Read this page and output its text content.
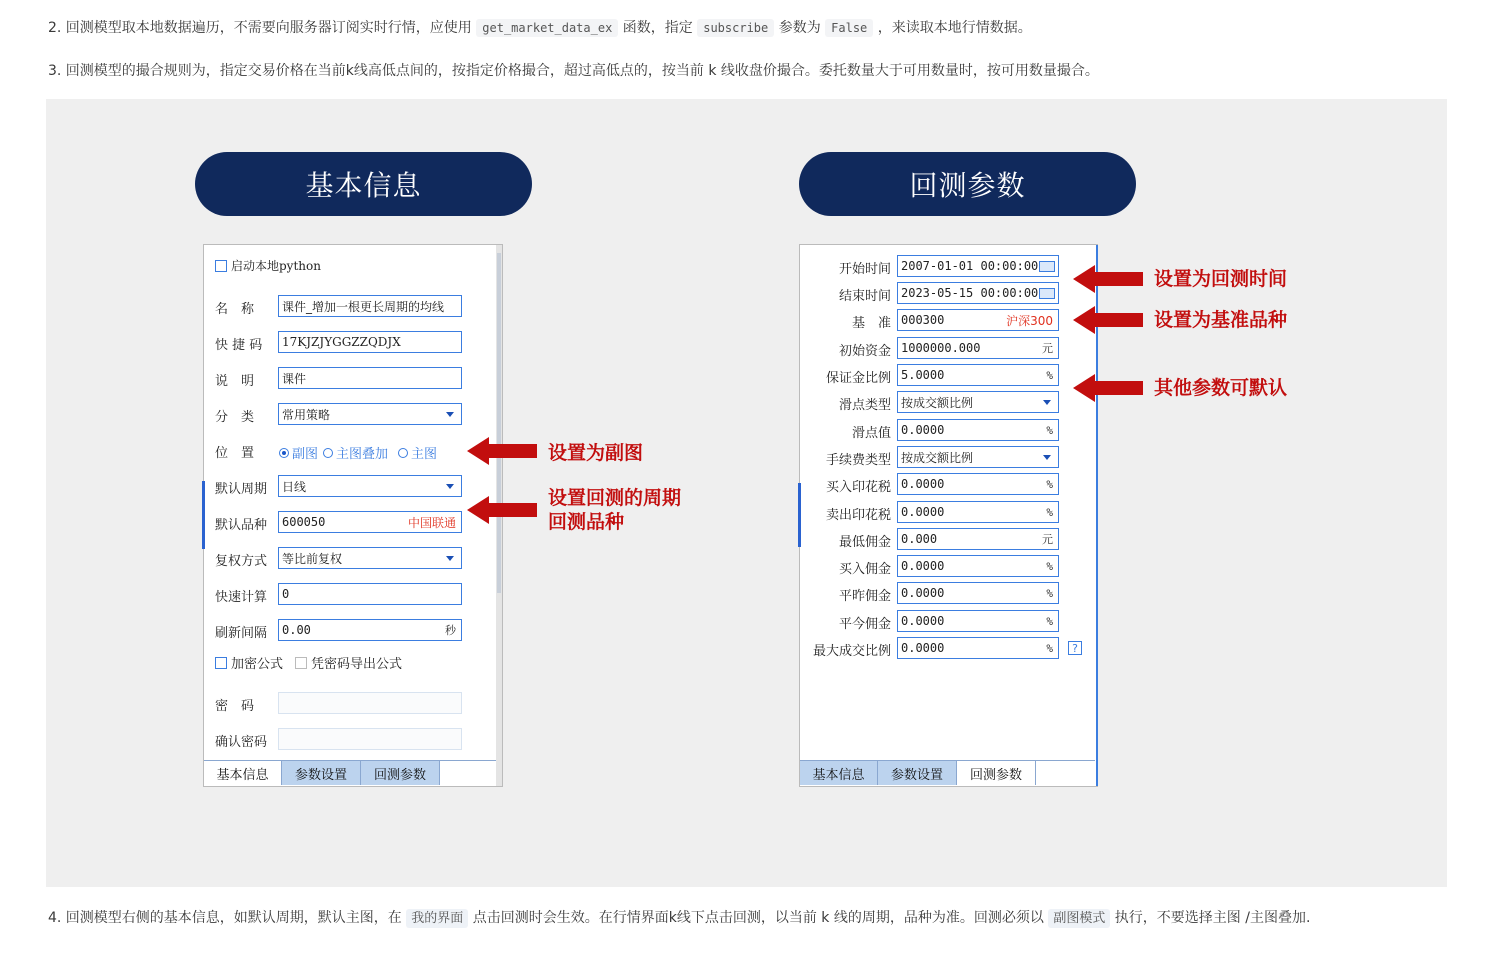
2. 回测模型取本地数据遍历，不需要向服务器订阅实时行情，应使用 get_market_data_ex 函数，指定 subscribe 参数为 False ，来读取本地行情数据。
3. 回测模型的撮合规则为，指定交易价格在当前k线高低点间的，按指定价格撮合，超过高低点的，按当前 k 线收盘价撮合。委托数量大于可用数量时，按可用数量撮合。
基本信息	回测参数
启动本地python
名　称 课件_增加一根更长周期的均线
快 捷 码 17KJZJYGGZZQDJX
说　明 课件
分　类 常用策略
位　置	副图 主图叠加 主图
默认周期 日线
默认品种 600050	中国联通
复权方式 等比前复权
快速计算 0
刷新间隔 0.00	秒
加密公式 凭密码导出公式
密　码
确认密码
基本信息	参数设置	回测参数
设置为副图
设置回测的周期
回测品种
开始时间 2007-01-01 00:00:00
结束时间 2023-05-15 00:00:00
基　准 000300	沪深300
初始资金 1000000.000	元
保证金比例 5.0000	%
滑点类型 按成交额比例
滑点值 0.0000	%
手续费类型 按成交额比例
买入印花税 0.0000	%
卖出印花税 0.0000	%
最低佣金 0.000	元
买入佣金 0.0000	%
平昨佣金 0.0000	%
平今佣金 0.0000	%
最大成交比例 0.0000	%	?
基本信息	参数设置	回测参数
设置为回测时间
设置为基准品种
其他参数可默认
4. 回测模型右侧的基本信息，如默认周期，默认主图，在 我的界面 点击回测时会生效。在行情界面k线下点击回测，以当前 k 线的周期，品种为准。回测必须以 副图模式 执行，不要选择主图 /主图叠加.
